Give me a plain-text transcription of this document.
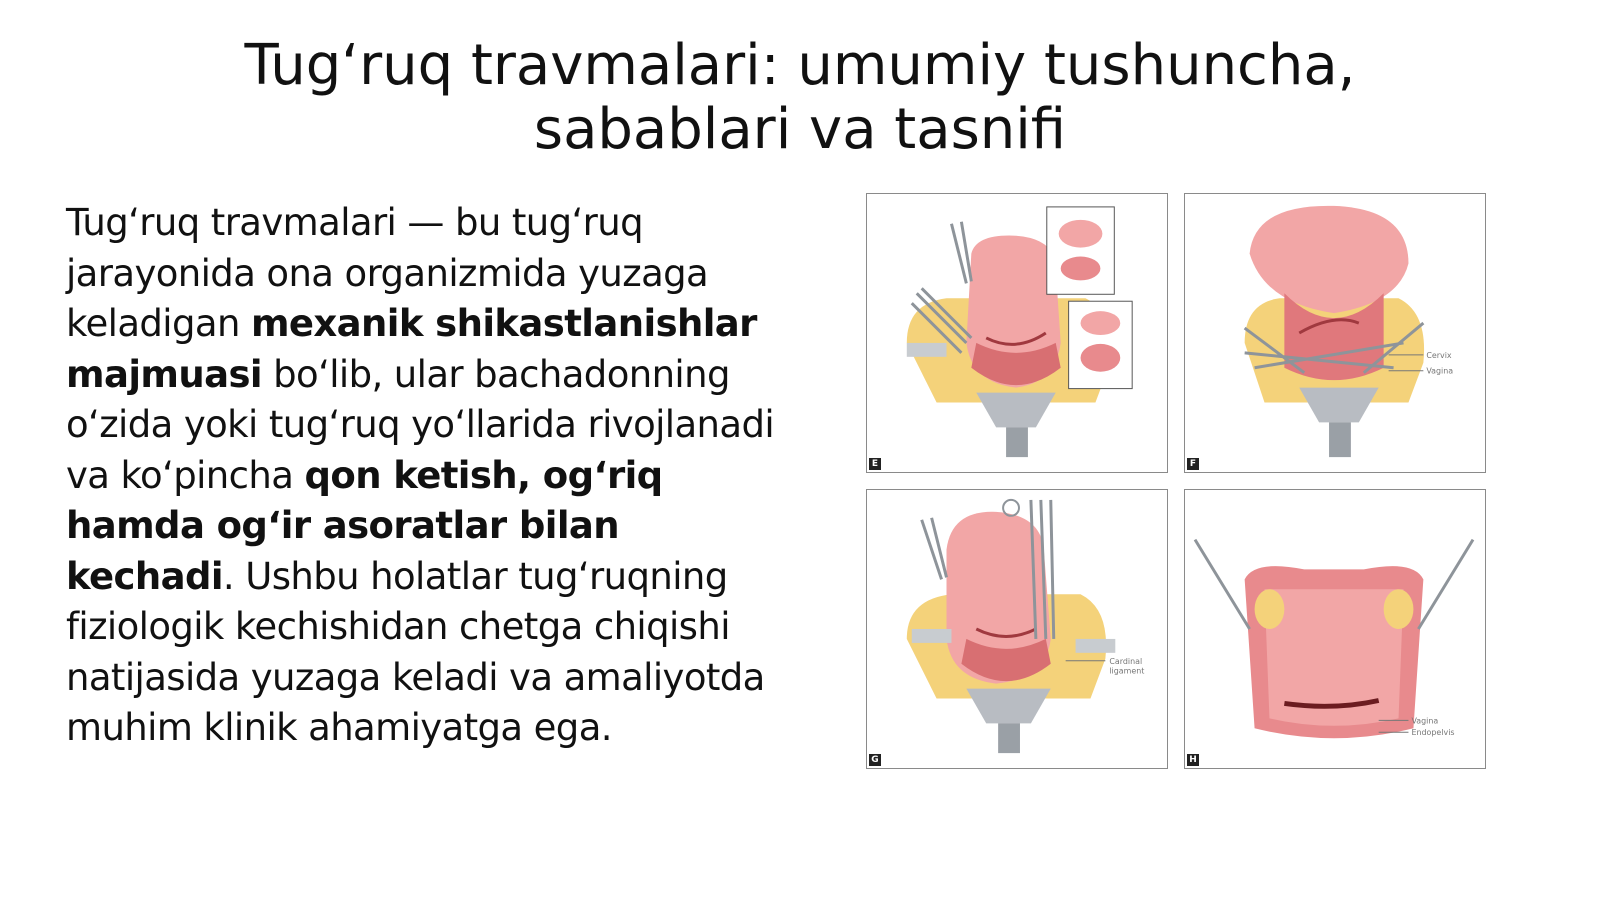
Tug‘ruq travmalari: umumiy tushuncha,
sabablari va tasnifi
Tug‘ruq travmalari — bu tug‘ruq jarayonida ona organizmida yuzaga keladigan mexanik shikastlanishlar majmuasi bo‘lib, ular bachadonning o‘zida yoki tug‘ruq yo‘llarida rivojlanadi va ko‘pincha qon ketish, og‘riq hamda og‘ir asoratlar bilan kechadi. Ushbu holatlar tug‘ruqning fiziologik kechishidan chetga chiqishi natijasida yuzaga keladi va amaliyotda muhim klinik ahamiyatga ega.
E
Cervix
Vagina
F
Cardinal
ligament
G
Vagina
Endopelvis
H
